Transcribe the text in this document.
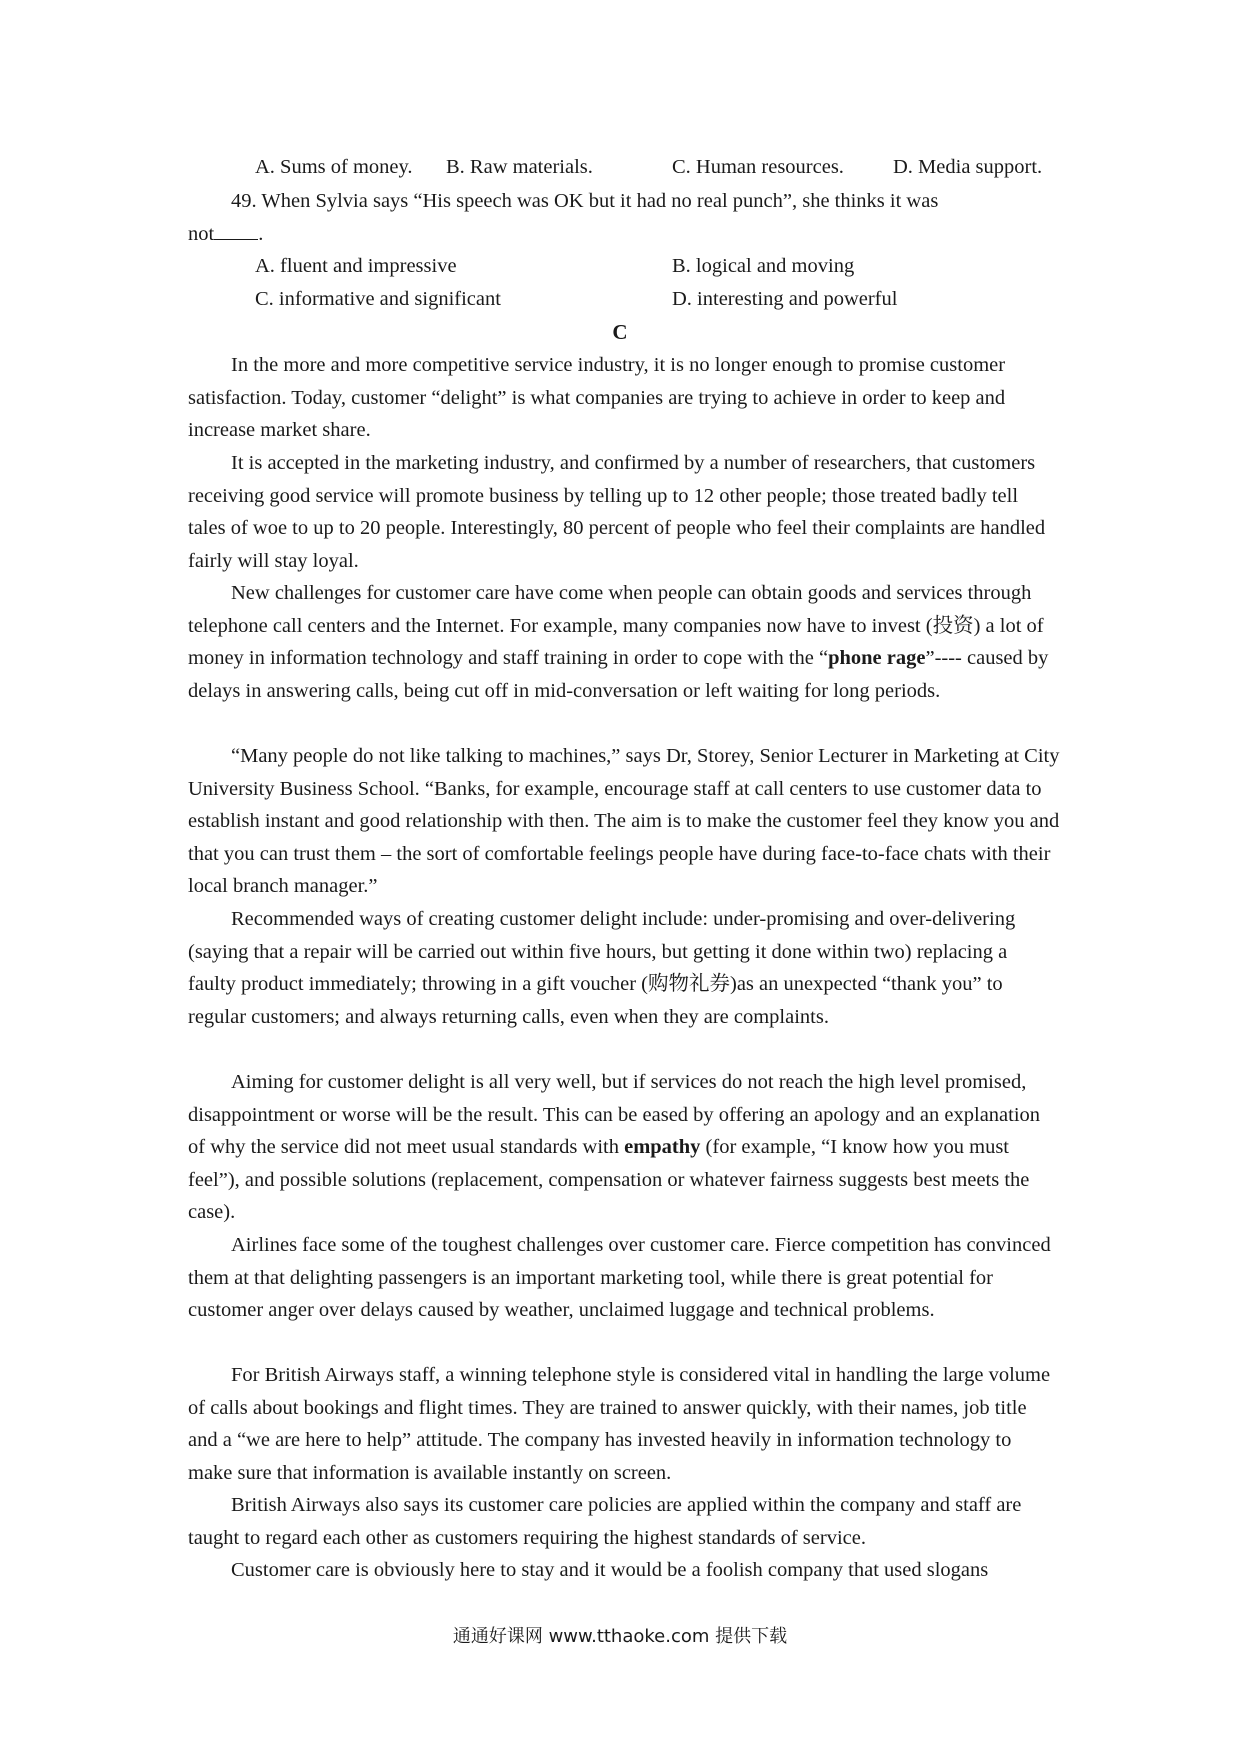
A. Sums of money. B. Raw materials.	C. Human resources. D. Media support.
49. When Sylvia says “His speech was OK but it had no real punch”, she thinks it was
not .
A. fluent and impressive	B. logical and moving
C. informative and significant	D. interesting and powerful
C

In the more and more competitive service industry, it is no longer enough to promise customer satisfaction. Today, customer “delight” is what companies are trying to achieve in order to keep and increase market share.

It is accepted in the marketing industry, and confirmed by a number of researchers, that customers receiving good service will promote business by telling up to 12 other people; those treated badly tell tales of woe to up to 20 people. Interestingly, 80 percent of people who feel their complaints are handled fairly will stay loyal.

New challenges for customer care have come when people can obtain goods and services through telephone call centers and the Internet. For example, many companies now have to invest (投资) a lot of money in information technology and staff training in order to cope with the “phone rage”---- caused by delays in answering calls, being cut off in mid-conversation or left waiting for long periods.

“Many people do not like talking to machines,” says Dr, Storey, Senior Lecturer in Marketing at City University Business School. “Banks, for example, encourage staff at call centers to use customer data to establish instant and good relationship with then. The aim is to make the customer feel they know you and that you can trust them – the sort of comfortable feelings people have during face-to-face chats with their local branch manager.”

Recommended ways of creating customer delight include: under-promising and over-delivering (saying that a repair will be carried out within five hours, but getting it done within two) replacing a faulty product immediately; throwing in a gift voucher (购物礼券)as an unexpected “thank you” to regular customers; and always returning calls, even when they are complaints.

Aiming for customer delight is all very well, but if services do not reach the high level promised, disappointment or worse will be the result. This can be eased by offering an apology and an explanation of why the service did not meet usual standards with empathy (for example, “I know how you must feel”), and possible solutions (replacement, compensation or whatever fairness suggests best meets the case).

Airlines face some of the toughest challenges over customer care. Fierce competition has convinced them at that delighting passengers is an important marketing tool, while there is great potential for customer anger over delays caused by weather, unclaimed luggage and technical problems.

For British Airways staff, a winning telephone style is considered vital in handling the large volume of calls about bookings and flight times. They are trained to answer quickly, with their names, job title and a “we are here to help” attitude. The company has invested heavily in information technology to make sure that information is available instantly on screen.

British Airways also says its customer care policies are applied within the company and staff are taught to regard each other as customers requiring the highest standards of service.

Customer care is obviously here to stay and it would be a foolish company that used slogans

通通好课网 www.tthaoke.com 提供下载
